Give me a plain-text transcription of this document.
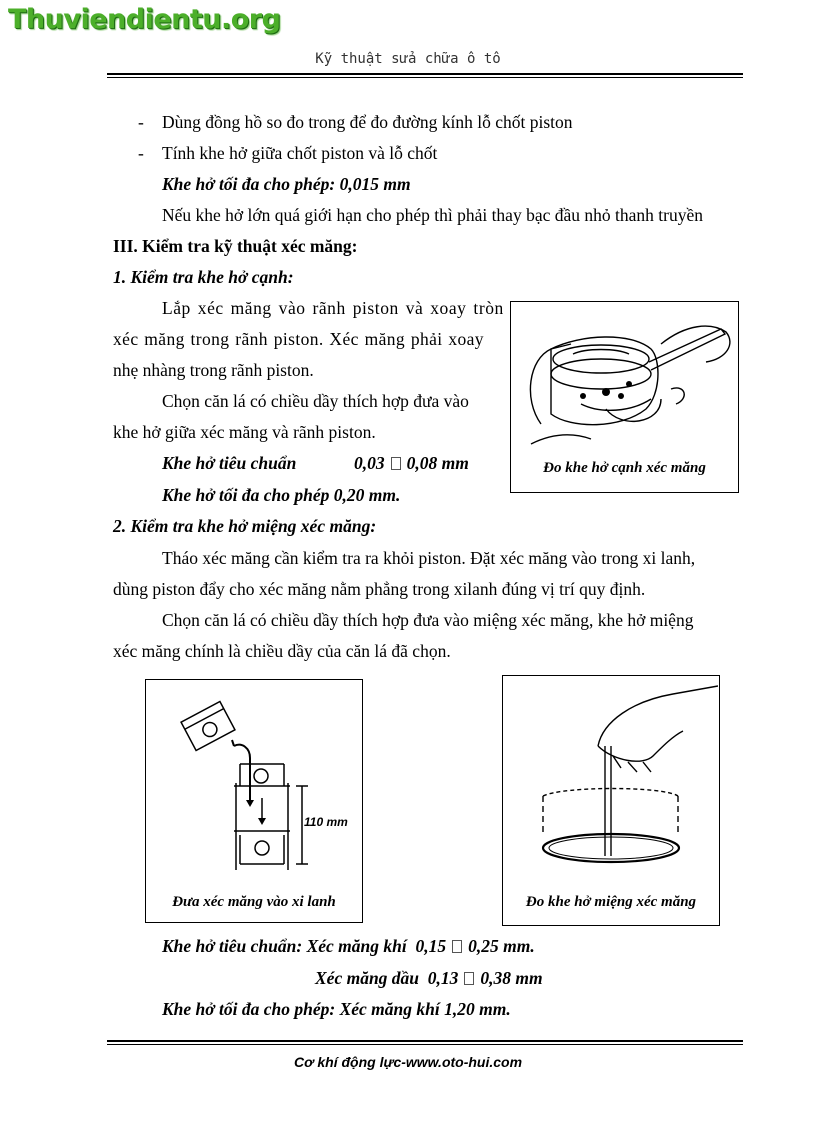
Thuviendientu.org
Kỹ thuật sửa chữa ô tô
- Dùng đồng hồ so đo trong để đo đường kính lỗ chốt piston
- Tính khe hở giữa chốt piston và lỗ chốt
Khe hở tối đa cho phép: 0,015 mm
Nếu khe hở lớn quá giới hạn cho phép thì phải thay bạc đầu nhỏ thanh truyền
III. Kiểm tra kỹ thuật xéc măng:
1. Kiểm tra khe hở cạnh:
Lắp xéc măng vào rãnh piston và xoay tròn
xéc măng trong rãnh piston. Xéc măng phải xoay
nhẹ nhàng trong rãnh piston.
Chọn căn lá có chiều dầy thích hợp đưa vào
khe hở giữa xéc măng và rãnh piston.
Khe hở tiêu chuẩn	0,03 0,08 mm
Khe hở tối đa cho phép 0,20 mm.
Đo khe hở cạnh xéc măng
2. Kiểm tra khe hở miệng xéc măng:
Tháo xéc măng cần kiểm tra ra khỏi piston. Đặt xéc măng vào trong xi lanh,
dùng piston đẩy cho xéc măng nằm phẳng trong xilanh đúng vị trí quy định.
Chọn căn lá có chiều dầy thích hợp đưa vào miệng xéc măng, khe hở miệng
xéc măng chính là chiều dầy của căn lá đã chọn.
110 mm
Đưa xéc măng vào xi lanh	Đo khe hở miệng xéc măng
Khe hở tiêu chuẩn: Xéc măng khí 0,15 0,25 mm.
Xéc măng dầu 0,13 0,38 mm
Khe hở tối đa cho phép: Xéc măng khí 1,20 mm.
Cơ khí động lực-www.oto-hui.com
